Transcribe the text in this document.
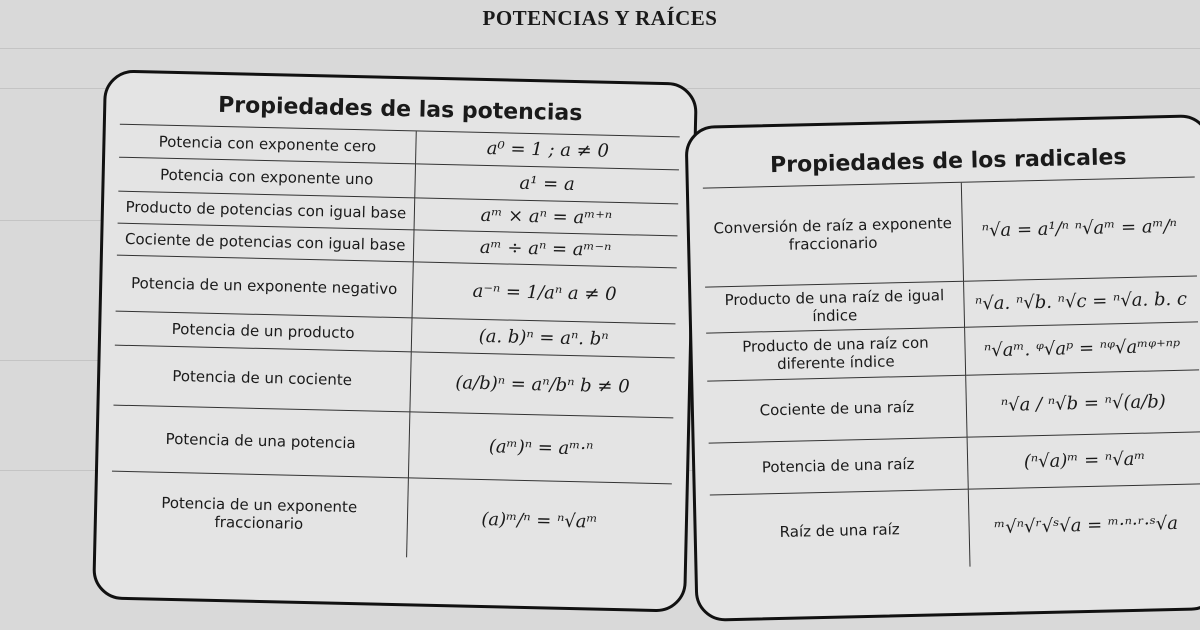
POTENCIAS Y RAÍCES
Propiedades de las potencias
Potencia con exponente cero	a⁰ = 1 ; a ≠ 0
Potencia con exponente uno	a¹ = a
Producto de potencias con igual base	aᵐ × aⁿ = aᵐ⁺ⁿ
Cociente de potencias con igual base	aᵐ ÷ aⁿ = aᵐ⁻ⁿ
Potencia de un exponente negativo	a⁻ⁿ = 1/aⁿ a ≠ 0
Potencia de un producto	(a. b)ⁿ = aⁿ. bⁿ
Potencia de un cociente	(a/b)ⁿ = aⁿ/bⁿ b ≠ 0
Potencia de una potencia	(aᵐ)ⁿ = aᵐ·ⁿ
Potencia de un exponente fraccionario	(a)ᵐ/ⁿ = ⁿ√aᵐ
Propiedades de los radicales
Conversión de raíz a exponente fraccionario	ⁿ√a = a¹/ⁿ ⁿ√aᵐ = aᵐ/ⁿ
Producto de una raíz de igual índice	ⁿ√a. ⁿ√b. ⁿ√c = ⁿ√a. b. c
Producto de una raíz con diferente índice	ⁿ√aᵐ. ᵠ√aᵖ = ⁿᵠ√aᵐᵠ⁺ⁿᵖ
Cociente de una raíz	ⁿ√a / ⁿ√b = ⁿ√(a/b)
Potencia de una raíz	(ⁿ√a)ᵐ = ⁿ√aᵐ
Raíz de una raíz	ᵐ√ⁿ√ʳ√ˢ√a = ᵐ·ⁿ·ʳ·ˢ√a
